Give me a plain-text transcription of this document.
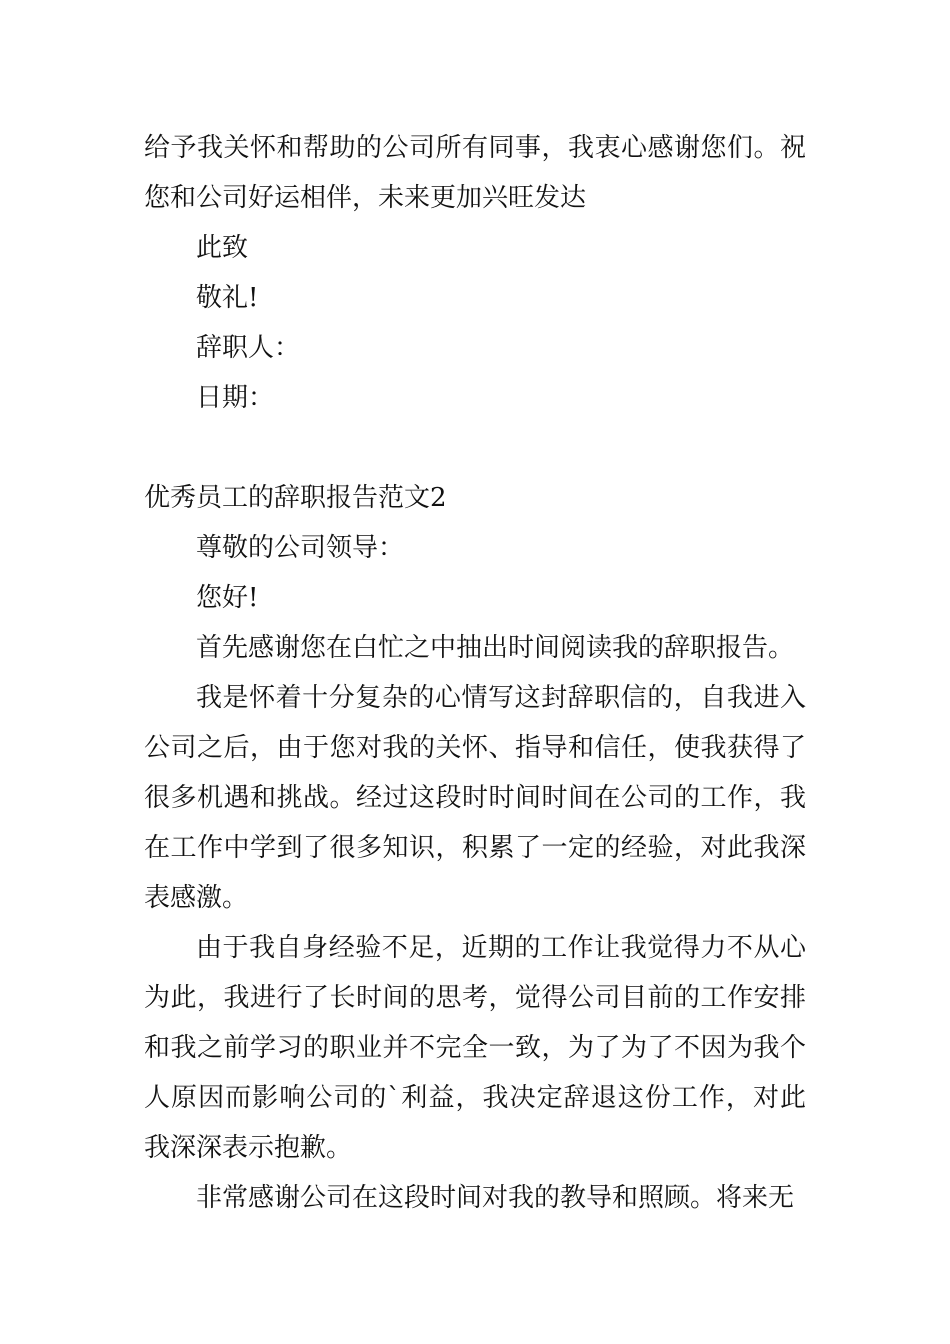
给予我关怀和帮助的公司所有同事，我衷心感谢您们。祝您和公司好运相伴，未来更加兴旺发达

此致

敬礼!

辞职人：

日期：

优秀员工的辞职报告范文2

尊敬的公司领导：

您好!

首先感谢您在白忙之中抽出时间阅读我的辞职报告。

我是怀着十分复杂的心情写这封辞职信的，自我进入公司之后，由于您对我的关怀、指导和信任，使我获得了很多机遇和挑战。经过这段时时间时间在公司的工作，我在工作中学到了很多知识，积累了一定的经验，对此我深表感激。

由于我自身经验不足，近期的工作让我觉得力不从心为此，我进行了长时间的思考，觉得公司目前的工作安排和我之前学习的职业并不完全一致，为了为了不因为我个人原因而影响公司的`利益，我决定辞退这份工作，对此我深深表示抱歉。

非常感谢公司在这段时间对我的教导和照顾。将来无
